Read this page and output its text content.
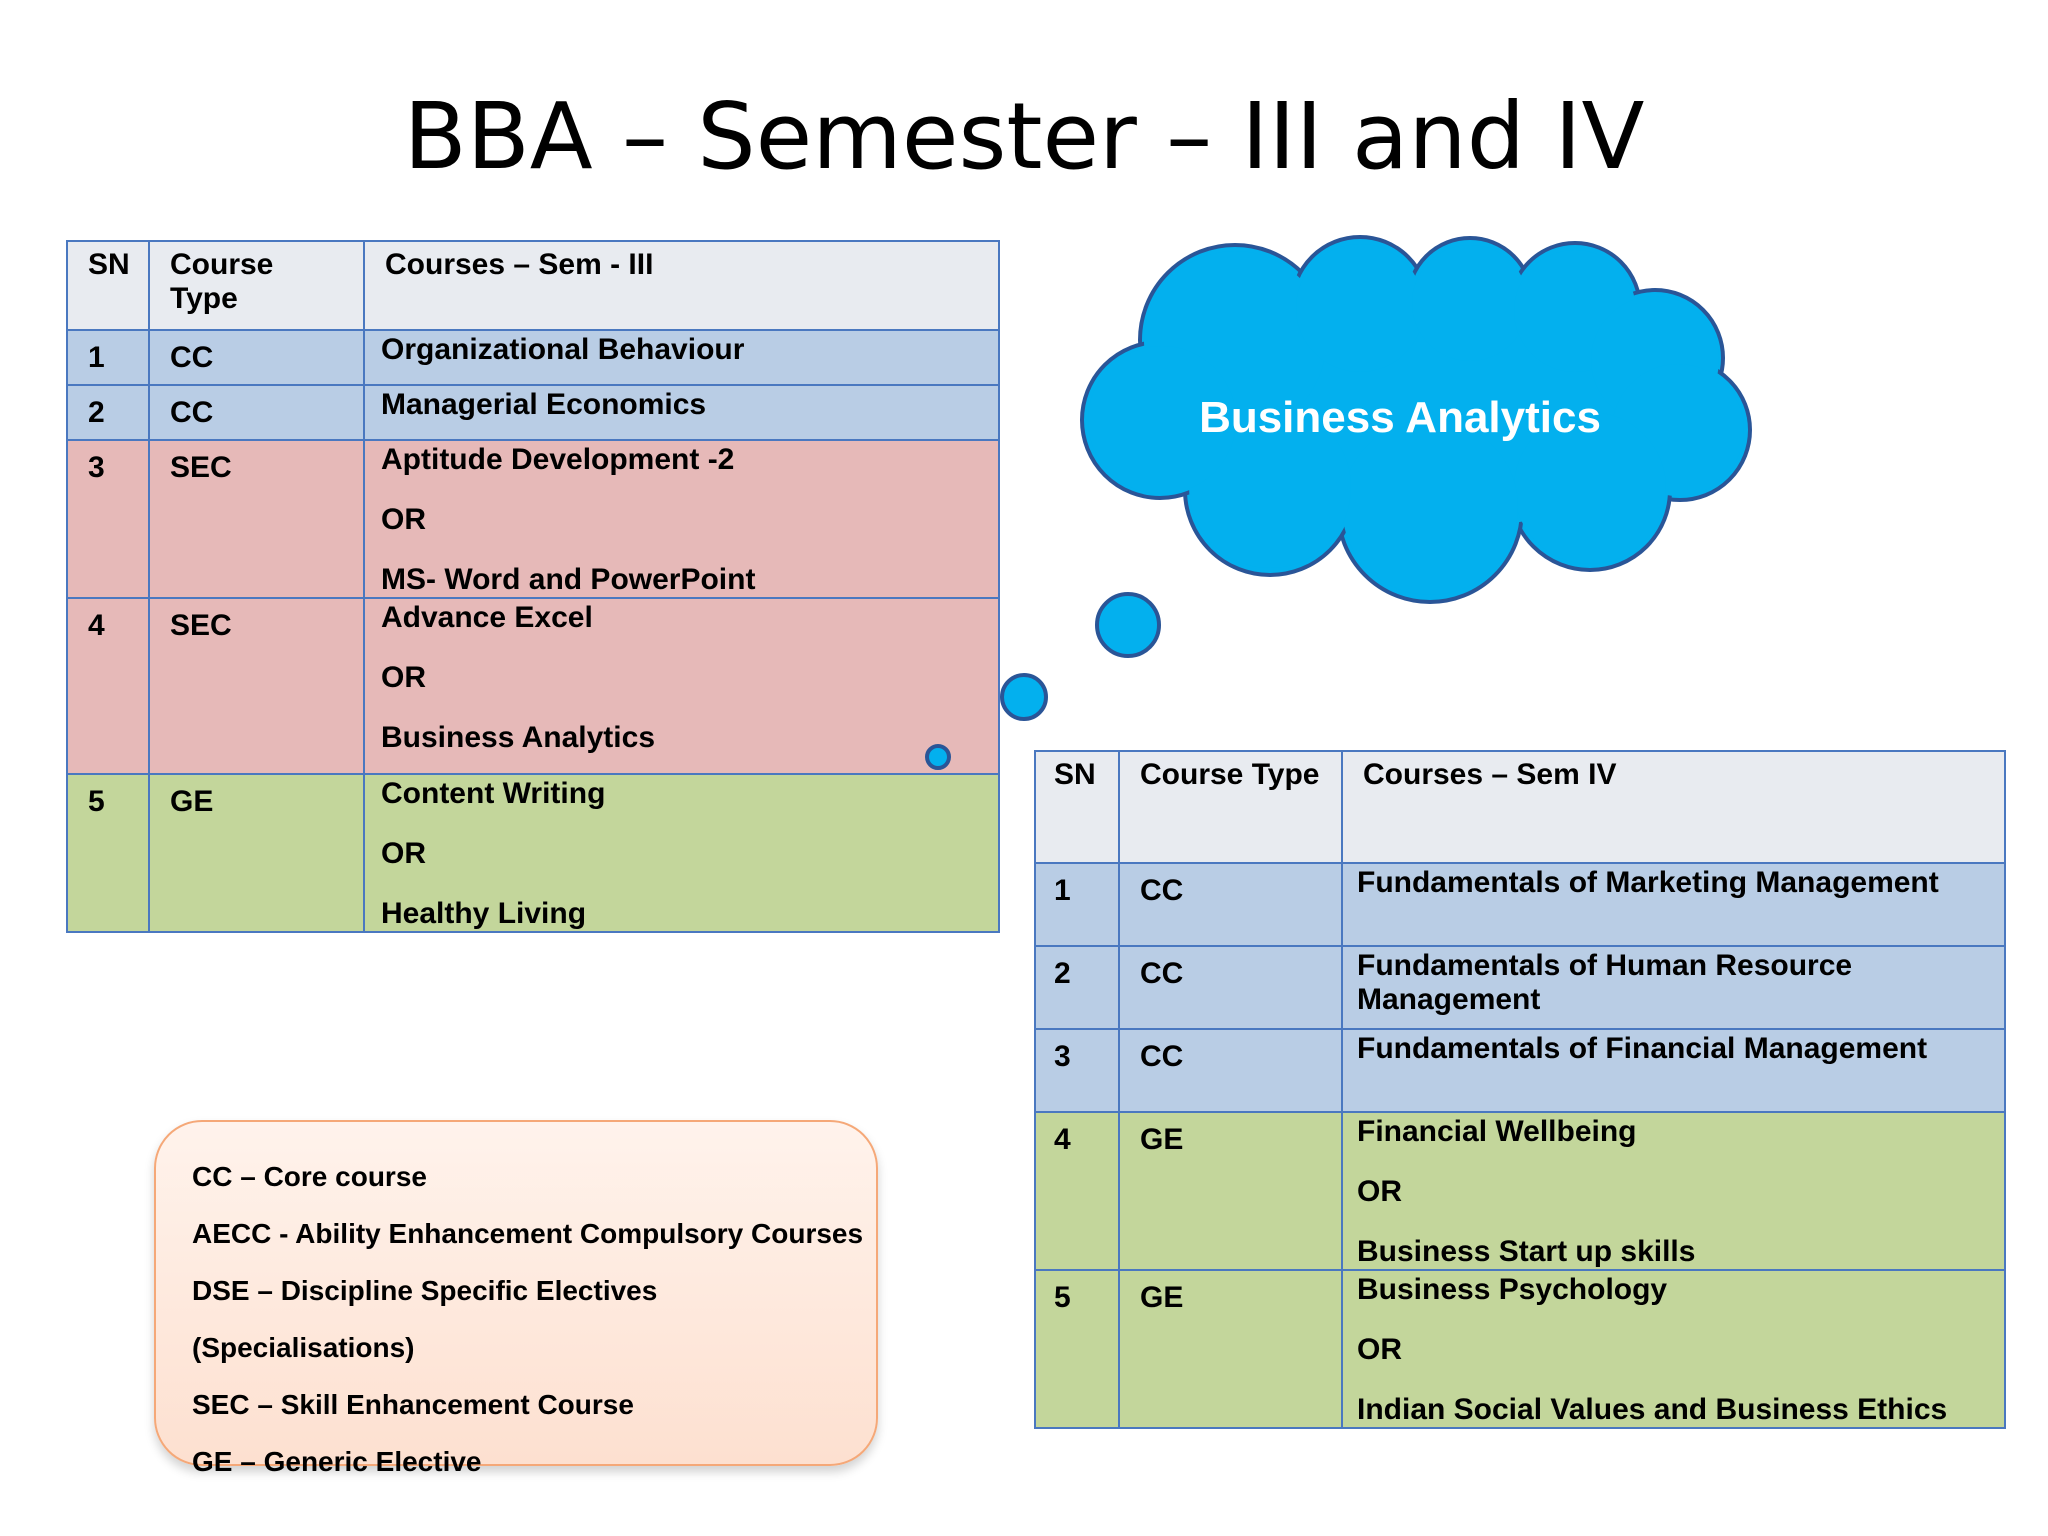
BBA – Semester – III and IV
SN	Course Type	Courses – Sem - III

1	CC	Organizational Behaviour

2	CC	Managerial Economics

3	SEC	Aptitude Development -2
OR
MS- Word and PowerPoint

4	SEC	Advance Excel
OR
Business Analytics

5	GE	Content Writing
OR
Healthy Living
Business Analytics
SN	Course Type	Courses – Sem IV

1	CC	Fundamentals of Marketing Management

2	CC	Fundamentals of Human Resource Management

3	CC	Fundamentals of Financial Management

4	GE	Financial Wellbeing
OR
Business Start up skills

5	GE	Business Psychology
OR
Indian Social Values and Business Ethics
CC – Core course
AECC - Ability Enhancement Compulsory Courses
DSE – Discipline Specific Electives
(Specialisations)
SEC – Skill Enhancement Course
GE – Generic Elective
